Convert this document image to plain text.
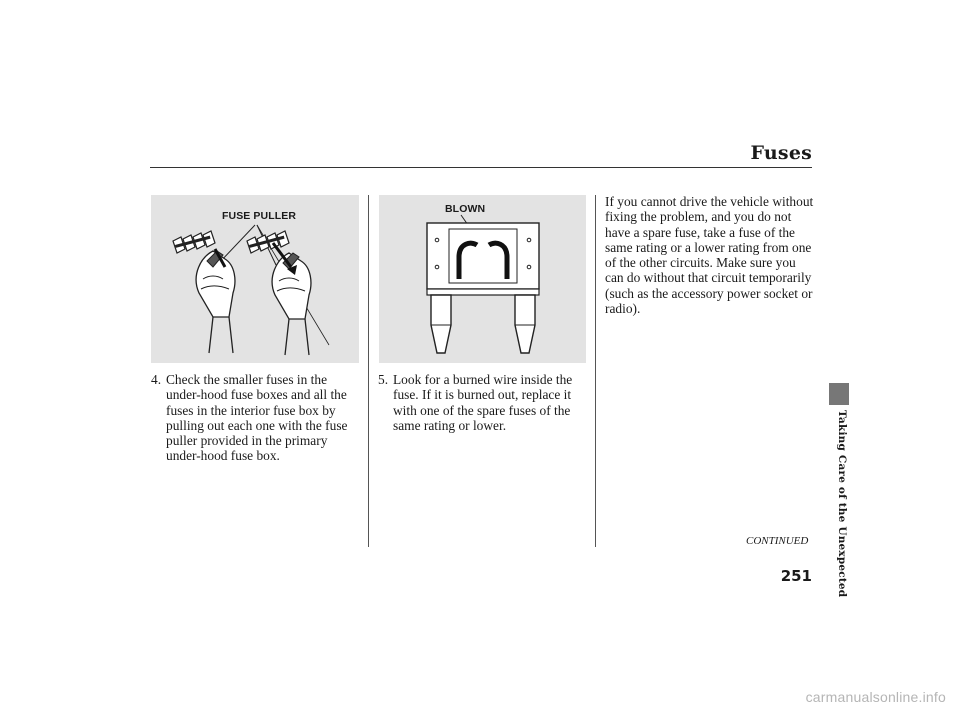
Fuses
FUSE PULLER
BLOWN
4. Check the smaller fuses in the under-hood fuse boxes and all the fuses in the interior fuse box by pulling out each one with the fuse puller provided in the primary under-hood fuse box.
5. Look for a burned wire inside the fuse. If it is burned out, replace it with one of the spare fuses of the same rating or lower.
If you cannot drive the vehicle without fixing the problem, and you do not have a spare fuse, take a fuse of the same rating or a lower rating from one of the other circuits. Make sure you can do without that circuit temporarily (such as the accessory power socket or radio).
CONTINUED	Taking Care of the Unexpected
251
carmanualsonline.info
